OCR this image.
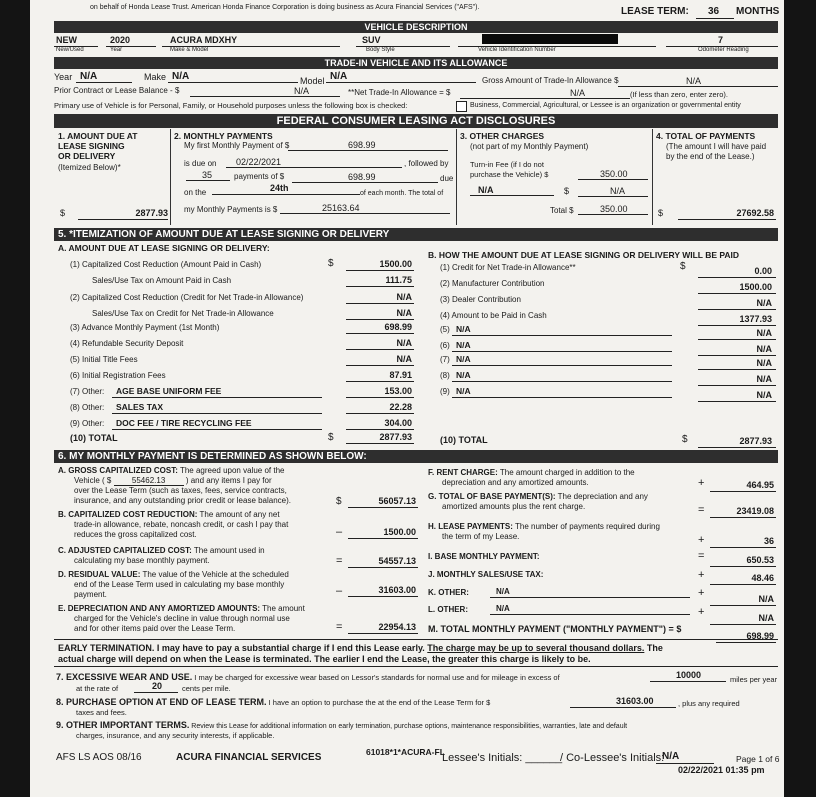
on behalf of Honda Lease Trust. American Honda Finance Corporation is doing business as Acura Financial Services ("AFS").	LEASE TERM: 36 MONTHS
VEHICLE DESCRIPTION
NEW
New/Used
2020
Year
ACURA MDXHY
Make & Model
SUV
Body Style	Vehicle Identification Number
7
Odometer Reading
TRADE-IN VEHICLE AND ITS ALLOWANCE
Year N/A	Make N/A	Model N/A	Gross Amount of Trade-In Allowance $	N/A
Prior Contract or Lease Balance - $	N/A	**Net Trade-In Allowance = $	N/A	(If less than zero, enter zero).
Primary use of Vehicle is for Personal, Family, or Household purposes unless the following box is checked:	Business, Commercial, Agricultural, or Lessee is an organization or governmental entity
FEDERAL CONSUMER LEASING ACT DISCLOSURES
1. AMOUNT DUE AT
LEASE SIGNING
OR DELIVERY
(Itemized Below)*
$	2877.93
2. MONTHLY PAYMENTS
My first Monthly Payment of $	698.99
is due on 02/22/2021	, followed by
35	payments of $	698.99	due
on the	24th
of each month. The total of
my Monthly Payments is $	25163.64
3. OTHER CHARGES
(not part of my Monthly Payment)
Turn-in Fee (if I do not
purchase the Vehicle) $	350.00
N/A	$	N/A
Total $	350.00
4. TOTAL OF PAYMENTS
(The amount I will have paid
by the end of the Lease.)
$	27692.58
5. *ITEMIZATION OF AMOUNT DUE AT LEASE SIGNING OR DELIVERY
A. AMOUNT DUE AT LEASE SIGNING OR DELIVERY:
(1) Capitalized Cost Reduction (Amount Paid in Cash)	$	1500.00
Sales/Use Tax on Amount Paid in Cash	111.75
(2) Capitalized Cost Reduction (Credit for Net Trade-in Allowance)	N/A
Sales/Use Tax on Credit for Net Trade-in Allowance	N/A
(3) Advance Monthly Payment (1st Month)	698.99
(4) Refundable Security Deposit	N/A
(5) Initial Title Fees	N/A
(6) Initial Registration Fees	87.91
(7) Other: AGE BASE UNIFORM FEE	153.00
(8) Other: SALES TAX	22.28
(9) Other: DOC FEE / TIRE RECYCLING FEE	304.00
(10) TOTAL	$	2877.93
B. HOW THE AMOUNT DUE AT LEASE SIGNING OR DELIVERY WILL BE PAID
$
(1) Credit for Net Trade-in Allowance**	0.00
(2) Manufacturer Contribution	1500.00
(3) Dealer Contribution	N/A
(4) Amount to be Paid in Cash	1377.93
(5) N/A	N/A
(6) N/A	N/A
(7) N/A	N/A
(8) N/A	N/A
(9) N/A	N/A
(10) TOTAL	$	2877.93
6. MY MONTHLY PAYMENT IS DETERMINED AS SHOWN BELOW:
A. GROSS CAPITALIZED COST: The agreed upon value of the
Vehicle ( $	55462.13	) and any items I pay for
over the Lease Term (such as taxes, fees, service contracts,
insurance, and any outstanding prior credit or lease balance).	$	56057.13
B. CAPITALIZED COST REDUCTION: The amount of any net
trade-in allowance, rebate, noncash credit, or cash I pay that
reduces the gross capitalized cost.	–	1500.00
C. ADJUSTED CAPITALIZED COST: The amount used in
calculating my base monthly payment.	=	54557.13
D. RESIDUAL VALUE: The value of the Vehicle at the scheduled
end of the Lease Term used in calculating my base monthly
payment.	–	31603.00
E. DEPRECIATION AND ANY AMORTIZED AMOUNTS: The amount
charged for the Vehicle's decline in value through normal use
and for other items paid over the Lease Term.	=	22954.13
F. RENT CHARGE: The amount charged in addition to the
depreciation and any amortized amounts.	+	464.95
G. TOTAL OF BASE PAYMENT(S): The depreciation and any
amortized amounts plus the rent charge.	=	23419.08
H. LEASE PAYMENTS: The number of payments required during
the term of my Lease.	+	36
I. BASE MONTHLY PAYMENT:	=	650.53
J. MONTHLY SALES/USE TAX:	+	48.46
K. OTHER:	N/A	+	N/A
L. OTHER:	N/A	+	N/A
M. TOTAL MONTHLY PAYMENT ("MONTHLY PAYMENT") = $
698.99
EARLY TERMINATION. I may have to pay a substantial charge if I end this Lease early. The charge may be up to several thousand dollars. The
actual charge will depend on when the Lease is terminated. The earlier I end the Lease, the greater this charge is likely to be.
7. EXCESSIVE WEAR AND USE. I may be charged for excessive wear based on Lessor's standards for normal use and for mileage in excess of	10000	miles per year
at the rate of	20	cents per mile.
8. PURCHASE OPTION AT END OF LEASE TERM. I have an option to purchase the at the end of the Lease Term for $	31603.00	, plus any required
taxes and fees.
9. OTHER IMPORTANT TERMS. Review this Lease for additional information on early termination, purchase options, maintenance responsibilities, warranties, late and default
charges, insurance, and any security interests, if applicable.
AFS LS AOS 08/16	ACURA FINANCIAL SERVICES	61018*1*ACURA-FL
Lessee's Initials: ______
/ Co-Lessee's Initials:
N/A	Page 1 of 6
02/22/2021 01:35 pm
